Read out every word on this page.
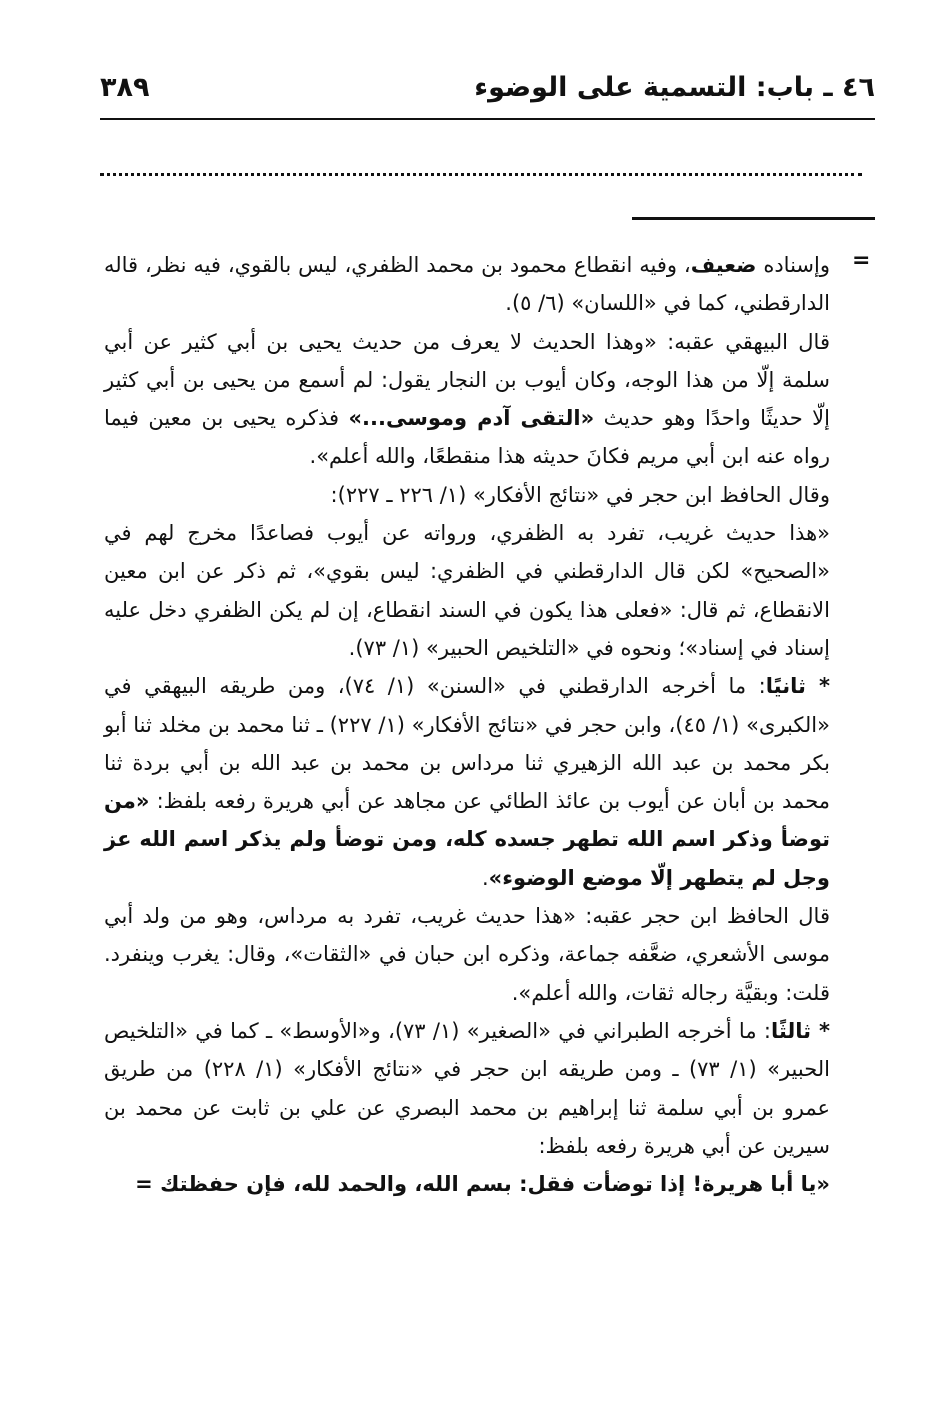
٤٦ ـ باب: التسمية على الوضوء
٣٨٩
=

وإسناده ضعيف، وفيه انقطاع محمود بن محمد الظفري، ليس بالقوي، فيه نظر، قاله الدارقطني، كما في «اللسان» (٦/ ٥).

قال البيهقي عقبه: «وهذا الحديث لا يعرف من حديث يحيى بن أبي كثير عن أبي سلمة إلّا من هذا الوجه، وكان أيوب بن النجار يقول: لم أسمع من يحيى بن أبي كثير إلّا حديثًا واحدًا وهو حديث «التقى آدم وموسى...» فذكره يحيى بن معين فيما رواه عنه ابن أبي مريم فكانَ حديثه هذا منقطعًا، والله أعلم».

وقال الحافظ ابن حجر في «نتائج الأفكار» (١/ ٢٢٦ ـ ٢٢٧):

«هذا حديث غريب، تفرد به الظفري، ورواته عن أيوب فصاعدًا مخرج لهم في «الصحيح» لكن قال الدارقطني في الظفري: ليس بقوي»، ثم ذكر عن ابن معين الانقطاع، ثم قال: «فعلى هذا يكون في السند انقطاع، إن لم يكن الظفري دخل عليه إسناد في إسناد»؛ ونحوه في «التلخيص الحبير» (١/ ٧٣).

* ثانيًا: ما أخرجه الدارقطني في «السنن» (١/ ٧٤)، ومن طريقه البيهقي في «الكبرى» (١/ ٤٥)، وابن حجر في «نتائج الأفكار» (١/ ٢٢٧) ـ ثنا محمد بن مخلد ثنا أبو بكر محمد بن عبد الله الزهيري ثنا مرداس بن محمد بن عبد الله بن أبي بردة ثنا محمد بن أبان عن أيوب بن عائذ الطائي عن مجاهد عن أبي هريرة رفعه بلفظ: «من توضأ وذكر اسم الله تطهر جسده كله، ومن توضأ ولم يذكر اسم الله عز وجل لم يتطهر إلّا موضع الوضوء».

قال الحافظ ابن حجر عقبه: «هذا حديث غريب، تفرد به مرداس، وهو من ولد أبي موسى الأشعري، ضعَّفه جماعة، وذكره ابن حبان في «الثقات»، وقال: يغرب وينفرد. قلت: وبقيَّة رجاله ثقات، والله أعلم».

* ثالثًا: ما أخرجه الطبراني في «الصغير» (١/ ٧٣)، و«الأوسط» ـ كما في «التلخيص الحبير» (١/ ٧٣) ـ ومن طريقه ابن حجر في «نتائج الأفكار» (١/ ٢٢٨) من طريق عمرو بن أبي سلمة ثنا إبراهيم بن محمد البصري عن علي بن ثابت عن محمد بن سيرين عن أبي هريرة رفعه بلفظ:

«يا أبا هريرة! إذا توضأت فقل: بسم الله، والحمد لله، فإن حفظتك =
